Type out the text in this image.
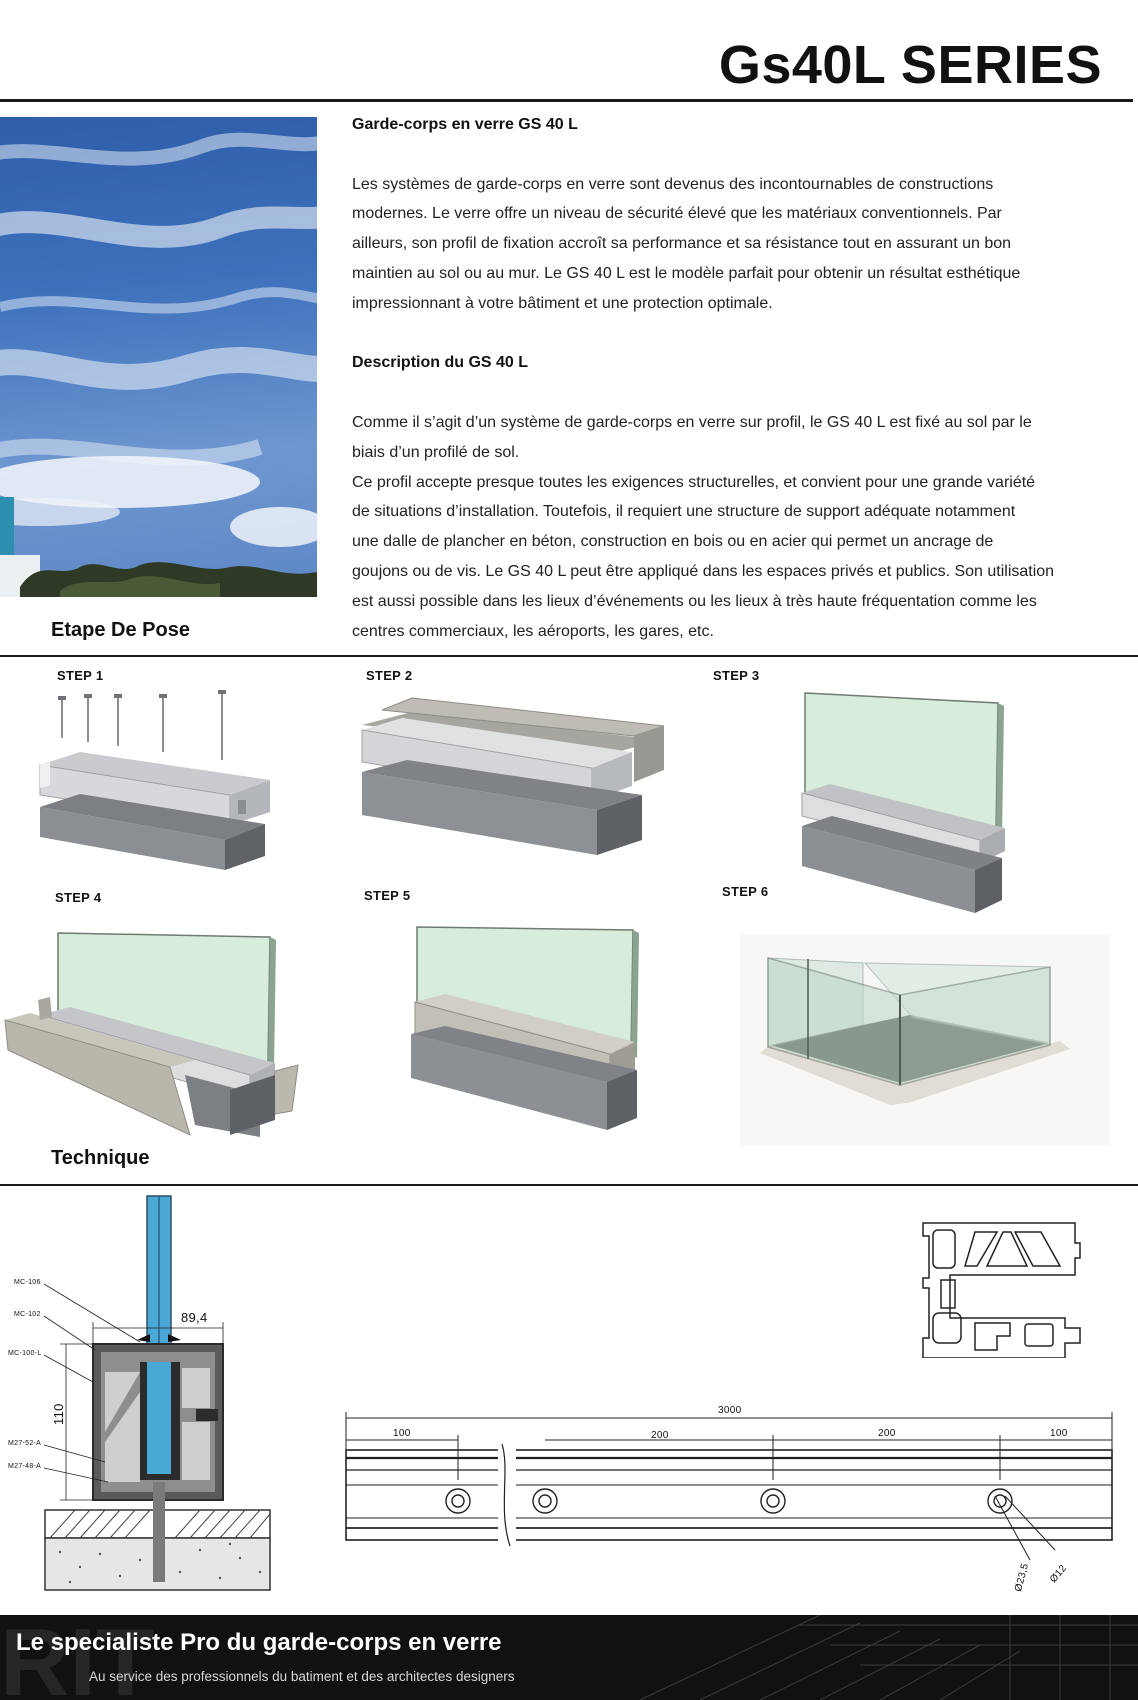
Gs40L SERIES
Garde-corps en verre GS 40 L
Les systèmes de garde-corps en verre sont devenus des incontournables de constructions
modernes. Le verre offre un niveau de sécurité élevé que les matériaux conventionnels. Par
ailleurs, son profil de fixation accroît sa performance et sa résistance tout en assurant un bon
maintien au sol ou au mur. Le GS 40 L est le modèle parfait pour obtenir un résultat esthétique
impressionnant à votre bâtiment et une protection optimale.
Description du GS 40 L
Comme il s’agit d’un système de garde-corps en verre sur profil, le GS 40 L est fixé au sol par le
biais d’un profilé de sol.
Ce profil accepte presque toutes les exigences structurelles, et convient pour une grande variété
de situations d’installation. Toutefois, il requiert une structure de support adéquate notamment
une dalle de plancher en béton, construction en bois ou en acier qui permet un ancrage de
goujons ou de vis. Le GS 40 L peut être appliqué dans les espaces privés et publics. Son utilisation
est aussi possible dans les lieux d’événements ou les lieux à très haute fréquentation comme les
centres commerciaux, les aéroports, les gares, etc.
Etape De Pose
STEP 1	STEP 2	STEP 3
STEP 4	STEP 5	STEP 6
Technique
MC-106
MC-102
MC-100-L
M27-52-A
M27-48-A
89,4
110	3000
100	200	200	100
Ø23,5 Ø12
RIT
Le specialiste Pro du garde-corps en verre
Au service des professionnels du batiment et des architectes designers
